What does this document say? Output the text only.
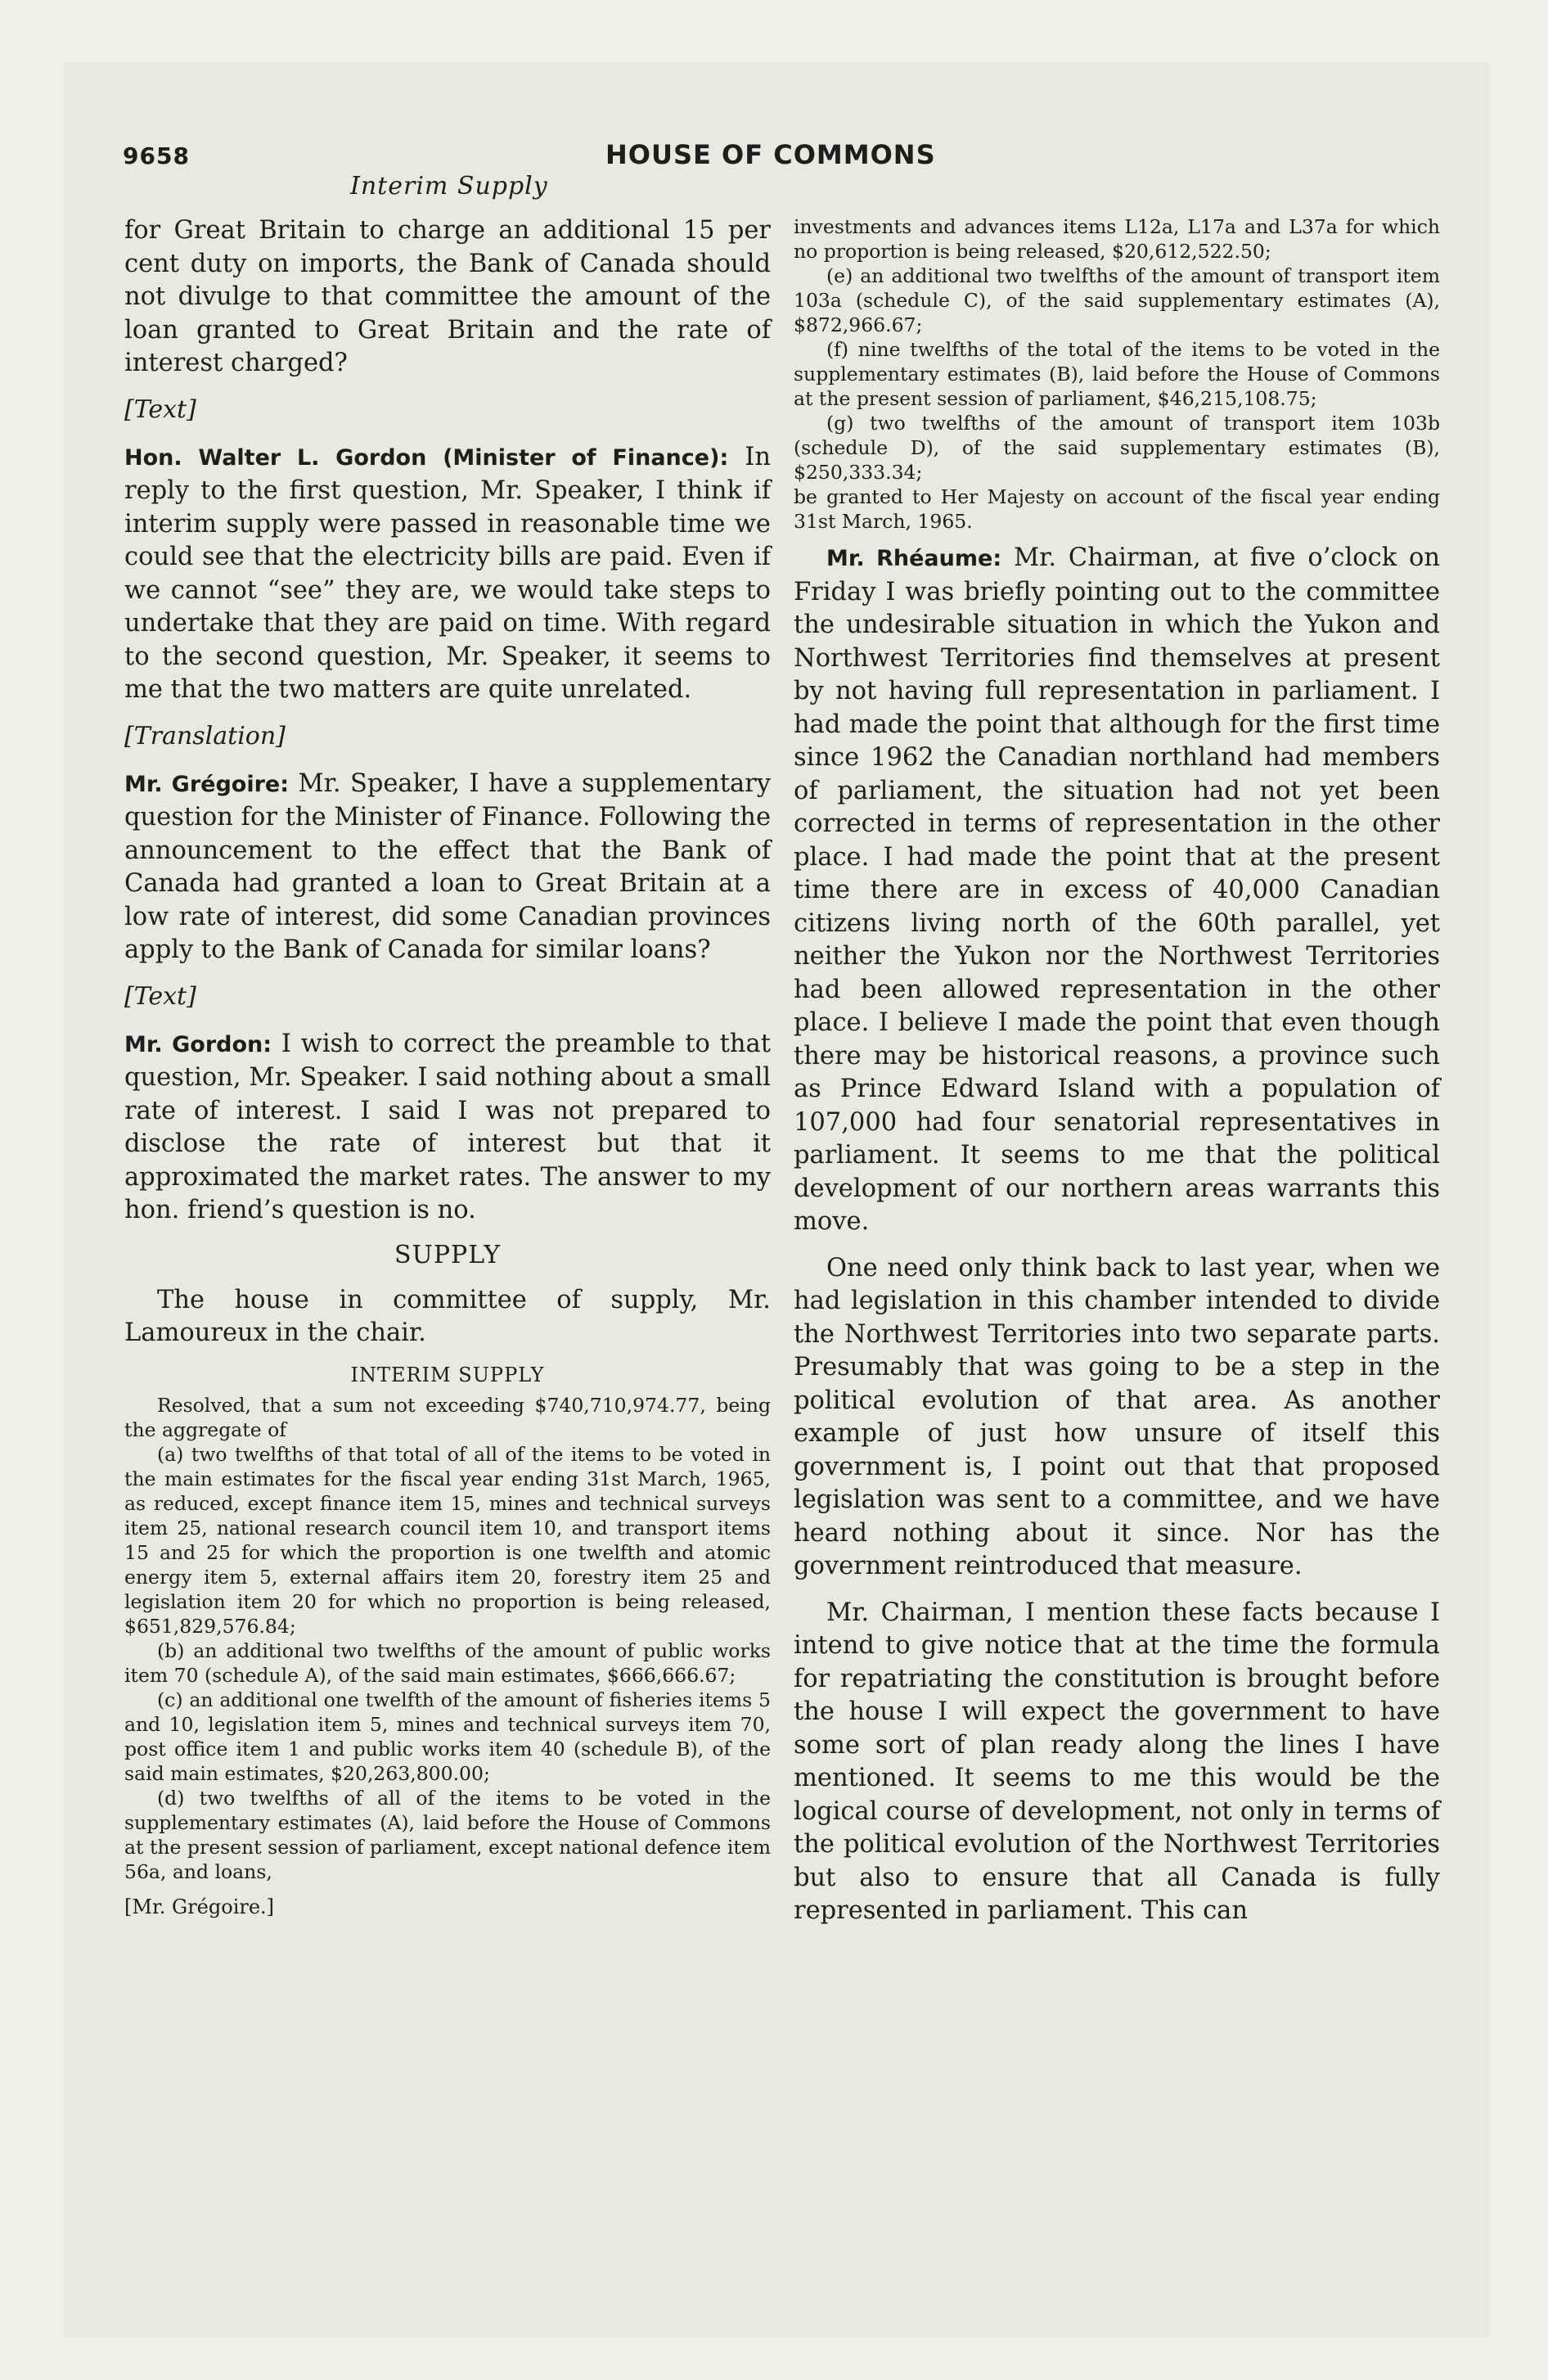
9658	HOUSE OF COMMONS
Interim Supply

for Great Britain to charge an additional 15 per cent duty on imports, the Bank of Canada should not divulge to that committee the amount of the loan granted to Great Britain and the rate of interest charged?

[Text]

Hon. Walter L. Gordon (Minister of Finance): In reply to the first question, Mr. Speaker, I think if interim supply were passed in reasonable time we could see that the electricity bills are paid. Even if we cannot “see” they are, we would take steps to undertake that they are paid on time. With regard to the second question, Mr. Speaker, it seems to me that the two matters are quite unrelated.

[Translation]

Mr. Grégoire: Mr. Speaker, I have a supplementary question for the Minister of Finance. Following the announcement to the effect that the Bank of Canada had granted a loan to Great Britain at a low rate of interest, did some Canadian provinces apply to the Bank of Canada for similar loans?

[Text]

Mr. Gordon: I wish to correct the preamble to that question, Mr. Speaker. I said nothing about a small rate of interest. I said I was not prepared to disclose the rate of interest but that it approximated the market rates. The answer to my hon. friend’s question is no.

SUPPLY

The house in committee of supply, Mr. Lamoureux in the chair.

INTERIM SUPPLY

Resolved, that a sum not exceeding $740,710,974.77, being the aggregate of

(a) two twelfths of that total of all of the items to be voted in the main estimates for the fiscal year ending 31st March, 1965, as reduced, except finance item 15, mines and technical surveys item 25, national research council item 10, and transport items 15 and 25 for which the proportion is one twelfth and atomic energy item 5, external affairs item 20, forestry item 25 and legislation item 20 for which no proportion is being released, $651,829,576.84;

(b) an additional two twelfths of the amount of public works item 70 (schedule A), of the said main estimates, $666,666.67;

(c) an additional one twelfth of the amount of fisheries items 5 and 10, legislation item 5, mines and technical surveys item 70, post office item 1 and public works item 40 (schedule B), of the said main estimates, $20,263,800.00;

(d) two twelfths of all of the items to be voted in the supplementary estimates (A), laid before the House of Commons at the present session of parliament, except national defence item 56a, and loans,

[Mr. Grégoire.]

investments and advances items L12a, L17a and L37a for which no proportion is being released, $20,612,522.50;

(e) an additional two twelfths of the amount of transport item 103a (schedule C), of the said supplementary estimates (A), $872,966.67;

(f) nine twelfths of the total of the items to be voted in the supplementary estimates (B), laid before the House of Commons at the present session of parliament, $46,215,108.75;

(g) two twelfths of the amount of transport item 103b (schedule D), of the said supplementary estimates (B), $250,333.34;

be granted to Her Majesty on account of the fiscal year ending 31st March, 1965.

Mr. Rhéaume: Mr. Chairman, at five o’clock on Friday I was briefly pointing out to the committee the undesirable situation in which the Yukon and Northwest Territories find themselves at present by not having full representation in parliament. I had made the point that although for the first time since 1962 the Canadian northland had members of parliament, the situation had not yet been corrected in terms of representation in the other place. I had made the point that at the present time there are in excess of 40,000 Canadian citizens living north of the 60th parallel, yet neither the Yukon nor the Northwest Territories had been allowed representation in the other place. I believe I made the point that even though there may be historical reasons, a province such as Prince Edward Island with a population of 107,000 had four senatorial representatives in parliament. It seems to me that the political development of our northern areas warrants this move.

One need only think back to last year, when we had legislation in this chamber intended to divide the Northwest Territories into two separate parts. Presumably that was going to be a step in the political evolution of that area. As another example of just how unsure of itself this government is, I point out that that proposed legislation was sent to a committee, and we have heard nothing about it since. Nor has the government reintroduced that measure.

Mr. Chairman, I mention these facts because I intend to give notice that at the time the formula for repatriating the constitution is brought before the house I will expect the government to have some sort of plan ready along the lines I have mentioned. It seems to me this would be the logical course of development, not only in terms of the political evolution of the Northwest Territories but also to ensure that all Canada is fully represented in parliament. This can
